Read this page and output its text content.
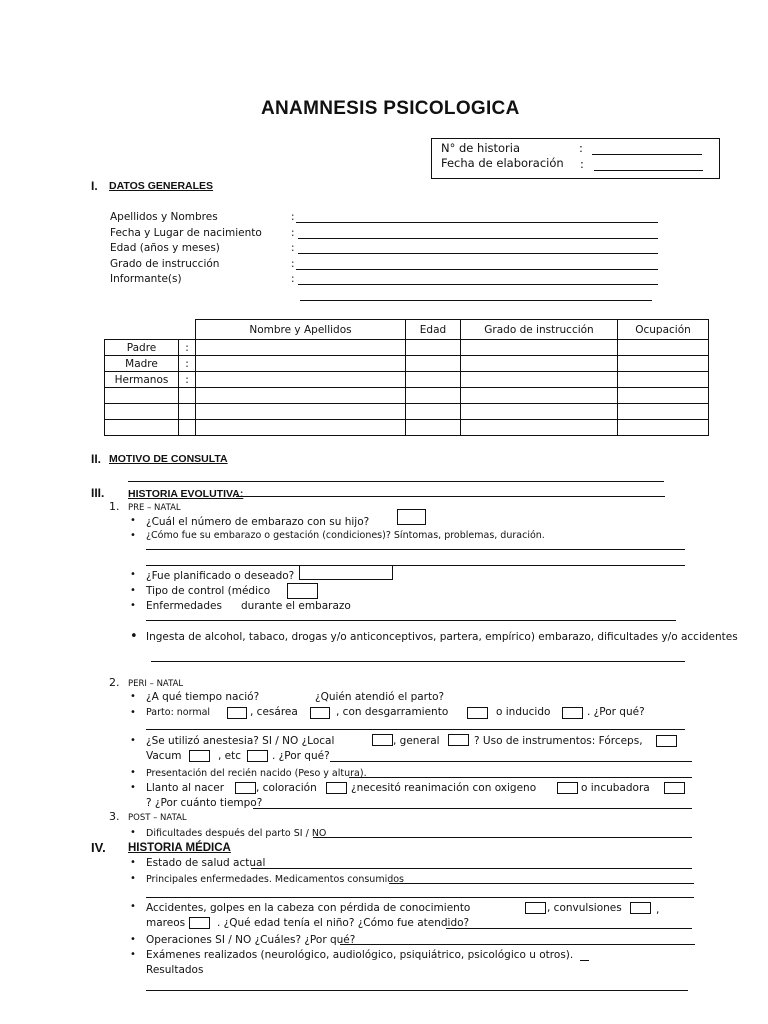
ANAMNESIS PSICOLOGICA
N° de historia	:
Fecha de elaboración :
I. DATOS GENERALES
Apellidos y Nombres	:
Fecha y Lugar de nacimiento	:
Edad (años y meses)	:
Grado de instrucción	:
Informante(s)	:
		Nombre y Apellidos	Edad	Grado de instrucción	Ocupación
Padre	:				
Madre	:				
Hermanos	:				

II. MOTIVO DE CONSULTA
III. HISTORIA EVOLUTIVA:
1. PRE – NATAL
• ¿Cuál el número de embarazo con su hijo?
• ¿Cómo fue su embarazo o gestación (condiciones)? Síntomas, problemas, duración.
• ¿Fue planificado o deseado?
• Tipo de control (médico
• Enfermedades durante el embarazo
• Ingesta de alcohol, tabaco, drogas y/o anticonceptivos, partera, empírico) embarazo, dificultades y/o accidentes
2. PERI – NATAL
• ¿A qué tiempo nació?	¿Quién atendió el parto?
• Parto: normal	, cesárea	, con desgarramiento	o inducido	. ¿Por qué?
• ¿Se utilizó anestesia? SI / NO ¿Local	, general	? Uso de instrumentos: Fórceps,
Vacum	, etc	. ¿Por qué?
• Presentación del recién nacido (Peso y altura).
• Llanto al nacer	, coloración	¿necesitó reanimación con oxigeno	o incubadora
? ¿Por cuánto tiempo?
3. POST – NATAL
• Dificultades después del parto SI / NO
IV. HISTORIA MÉDICA
• Estado de salud actual
• Principales enfermedades. Medicamentos consumidos
• Accidentes, golpes en la cabeza con pérdida de conocimiento	, convulsiones	,
mareos	. ¿Qué edad tenía el niño? ¿Cómo fue atendido?
• Operaciones SI / NO ¿Cuáles? ¿Por qué?
• Exámenes realizados (neurológico, audiológico, psiquiátrico, psicológico u otros).
Resultados
